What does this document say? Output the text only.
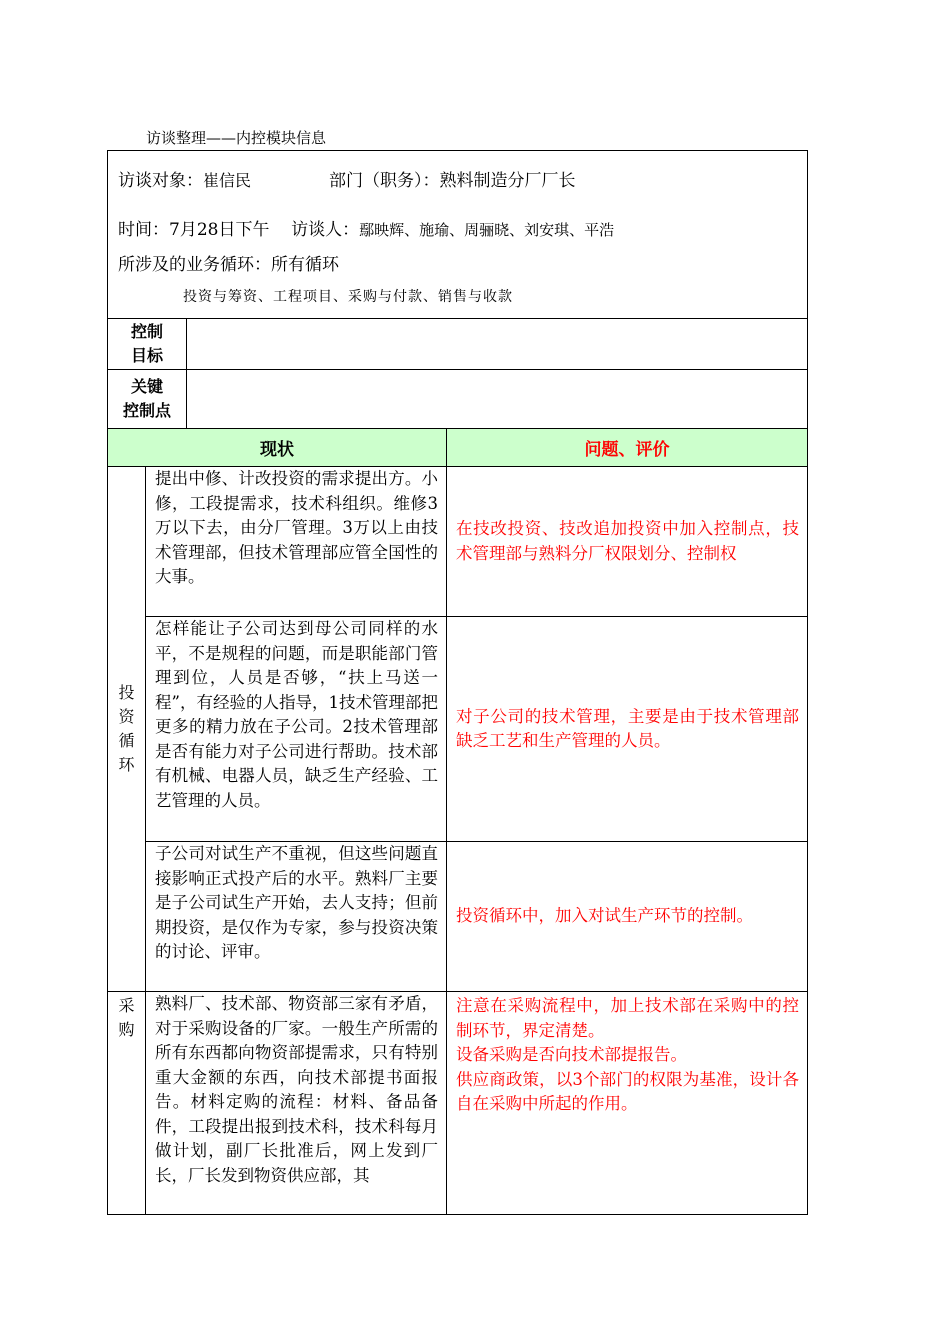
访谈整理——内控模块信息
访谈对象：崔信民 部门（职务）：熟料制造分厂厂长
时间：7月28日下午 访谈人：鄢映辉、施瑜、周骊晓、刘安琪、平浩
所涉及的业务循环：所有循环
投资与筹资、工程项目、采购与付款、销售与收款			

控制
目标			
关键
控制点			
现状			问题、评价
投
资
循
环	提出中修、计改投资的需求提出方。小修，工段提需求，技术科组织。维修3万以下去，由分厂管理。3万以上由技术管理部，但技术管理部应管全国性的大事。		在技改投资、技改追加投资中加入控制点，技术管理部与熟料分厂权限划分、控制权

	怎样能让子公司达到母公司同样的水平，不是规程的问题，而是职能部门管理到位，人员是否够，“扶上马送一程”，有经验的人指导，1技术管理部把更多的精力放在子公司。2技术管理部是否有能力对子公司进行帮助。技术部有机械、电器人员，缺乏生产经验、工艺管理的人员。		对子公司的技术管理，主要是由于技术管理部缺乏工艺和生产管理的人员。

	子公司对试生产不重视，但这些问题直接影响正式投产后的水平。熟料厂主要是子公司试生产开始，去人支持；但前期投资，是仅作为专家，参与投资决策的讨论、评审。		投资循环中，加入对试生产环节的控制。

采
购	熟料厂、技术部、物资部三家有矛盾，对于采购设备的厂家。一般生产所需的所有东西都向物资部提需求，只有特别重大金额的东西，向技术部提书面报告。材料定购的流程：材料、备品备件，工段提出报到技术科，技术科每月做计划，副厂长批准后，网上发到厂长，厂长发到物资供应部，其		注意在采购流程中，加上技术部在采购中的控制环节，界定清楚。
设备采购是否向技术部提报告。
供应商政策，以3个部门的权限为基准，设计各自在采购中所起的作用。
